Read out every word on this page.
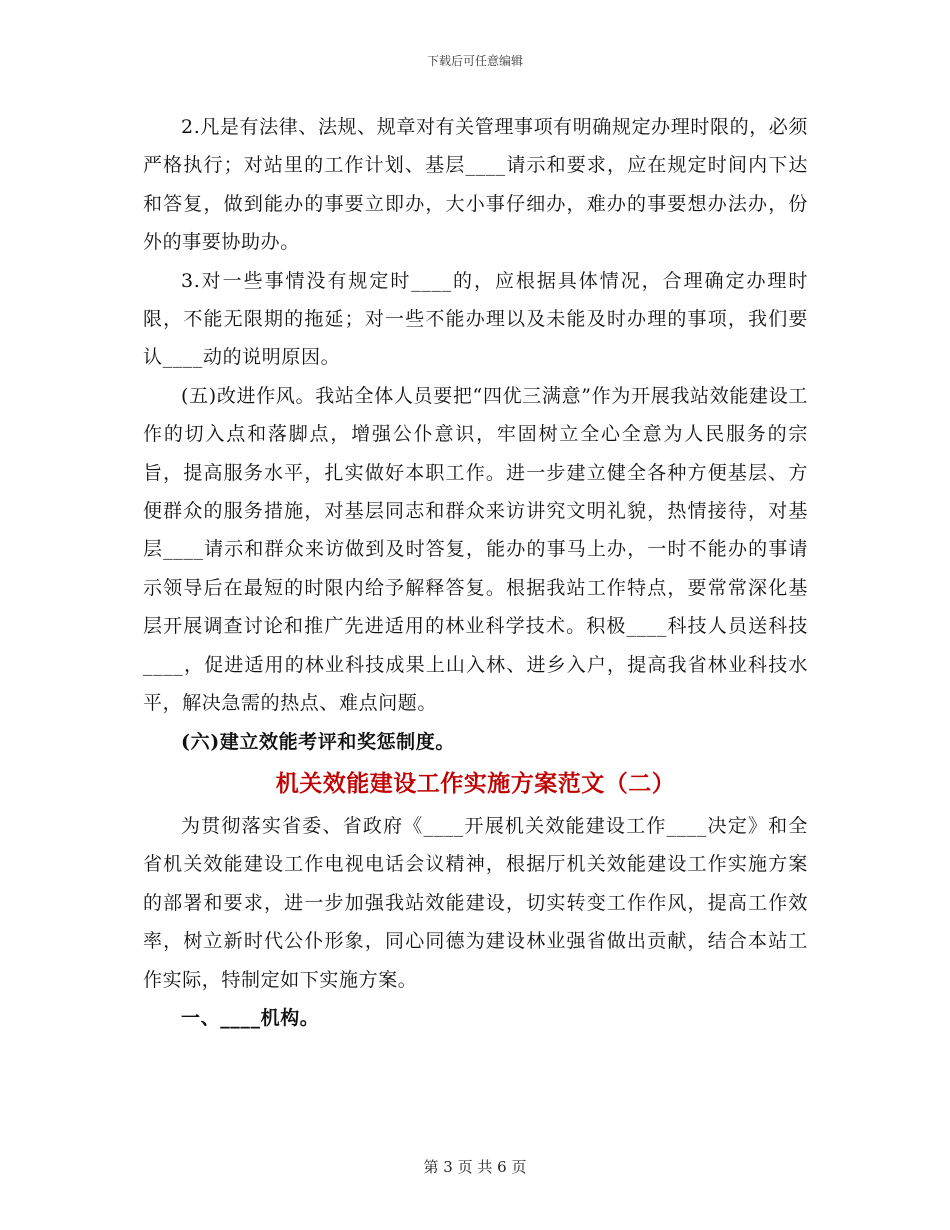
下载后可任意编辑

2.凡是有法律、法规、规章对有关管理事项有明确规定办理时限的，必须严格执行；对站里的工作计划、基层____请示和要求，应在规定时间内下达和答复，做到能办的事要立即办，大小事仔细办，难办的事要想办法办，份外的事要协助办。

3.对一些事情没有规定时____的，应根据具体情况，合理确定办理时限，不能无限期的拖延；对一些不能办理以及未能及时办理的事项，我们要认____动的说明原因。

(五)改进作风。我站全体人员要把“四优三满意”作为开展我站效能建设工作的切入点和落脚点，增强公仆意识，牢固树立全心全意为人民服务的宗旨，提高服务水平，扎实做好本职工作。进一步建立健全各种方便基层、方便群众的服务措施，对基层同志和群众来访讲究文明礼貌，热情接待，对基层____请示和群众来访做到及时答复，能办的事马上办，一时不能办的事请示领导后在最短的时限内给予解释答复。根据我站工作特点，要常常深化基层开展调查讨论和推广先进适用的林业科学技术。积极____科技人员送科技____，促进适用的林业科技成果上山入林、进乡入户，提高我省林业科技水平，解决急需的热点、难点问题。

(六)建立效能考评和奖惩制度。

机关效能建设工作实施方案范文（二）

为贯彻落实省委、省政府《____开展机关效能建设工作____决定》和全省机关效能建设工作电视电话会议精神，根据厅机关效能建设工作实施方案的部署和要求，进一步加强我站效能建设，切实转变工作作风，提高工作效率，树立新时代公仆形象，同心同德为建设林业强省做出贡献，结合本站工作实际，特制定如下实施方案。

一、____机构。

第 3 页 共 6 页
